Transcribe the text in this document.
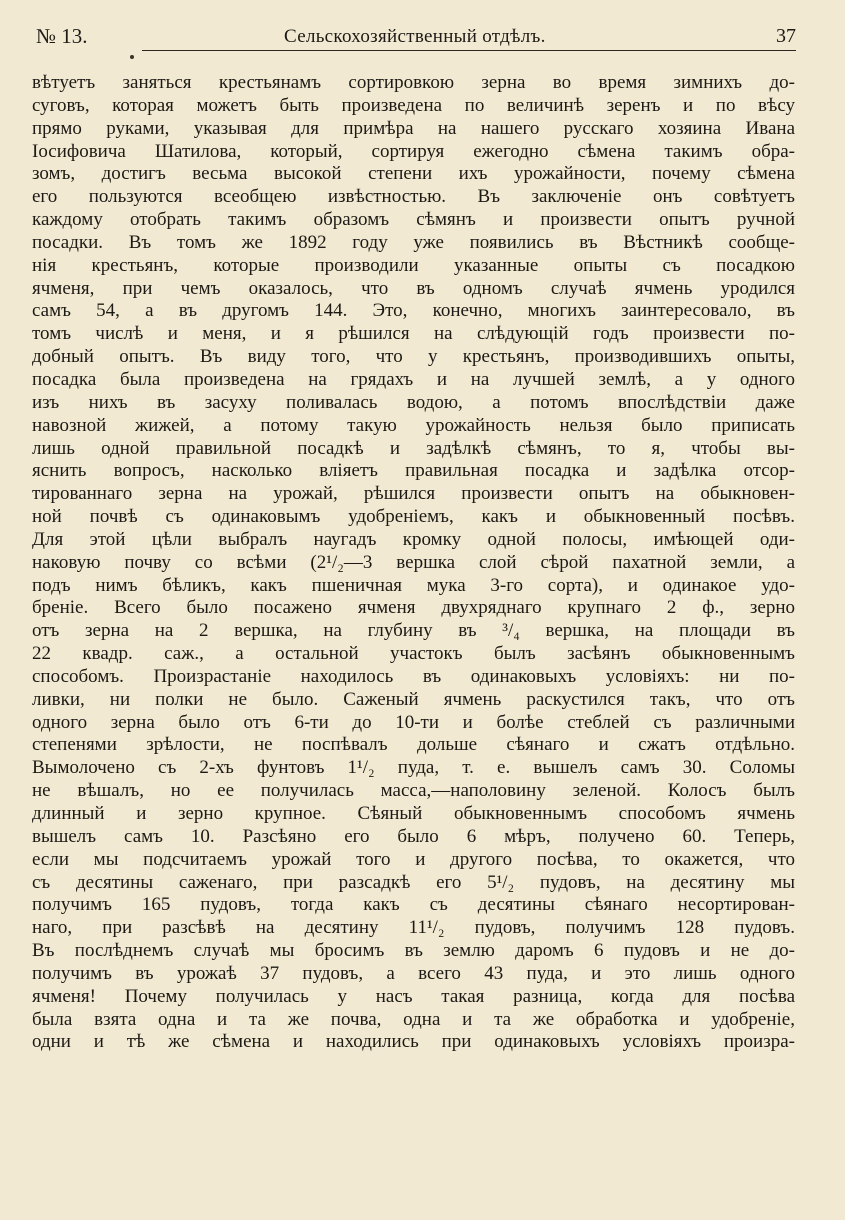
№ 13.	Сельскохозяйственный отдѣлъ.	37
вѣтуетъ заняться крестьянамъ сортировкою зерна во время зимнихъ до-
суговъ, которая можетъ быть произведена по величинѣ зеренъ и по вѣсу
прямо руками, указывая для примѣра на нашего русскаго хозяина Ивана
Іосифовича Шатилова, который, сортируя ежегодно сѣмена такимъ обра-
зомъ, достигъ весьма высокой степени ихъ урожайности, почему сѣмена
его пользуются всеобщею извѣстностью. Въ заключеніе онъ совѣтуетъ
каждому отобрать такимъ образомъ сѣмянъ и произвести опытъ ручной
посадки. Въ томъ же 1892 году уже появились въ Вѣстникѣ сообще-
нія крестьянъ, которые производили указанные опыты съ посадкою
ячменя, при чемъ оказалось, что въ одномъ случаѣ ячмень уродился
самъ 54, а въ другомъ 144. Это, конечно, многихъ заинтересовало, въ
томъ числѣ и меня, и я рѣшился на слѣдующій годъ произвести по-
добный опытъ. Въ виду того, что у крестьянъ, производившихъ опыты,
посадка была произведена на грядахъ и на лучшей землѣ, а у одного
изъ нихъ въ засуху поливалась водою, а потомъ впослѣдствіи даже
навозной жижей, а потому такую урожайность нельзя было приписать
лишь одной правильной посадкѣ и задѣлкѣ сѣмянъ, то я, чтобы вы-
яснить вопросъ, насколько вліяетъ правильная посадка и задѣлка отсор-
тированнаго зерна на урожай, рѣшился произвести опытъ на обыкновен-
ной почвѣ съ одинаковымъ удобреніемъ, какъ и обыкновенный посѣвъ.
Для этой цѣли выбралъ наугадъ кромку одной полосы, имѣющей оди-
наковую почву со всѣми (2¹/₂—3 вершка слой сѣрой пахатной земли, а
подъ нимъ бѣликъ, какъ пшеничная мука 3-го сорта), и одинакое удо-
бреніе. Всего было посажено ячменя двухряднаго крупнаго 2 ф., зерно
отъ зерна на 2 вершка, на глубину въ ³/₄ вершка, на площади въ
22 квадр. саж., а остальной участокъ былъ засѣянъ обыкновеннымъ
способомъ. Произрастаніе находилось въ одинаковыхъ условіяхъ: ни по-
ливки, ни полки не было. Саженый ячмень раскустился такъ, что отъ
одного зерна было отъ 6-ти до 10-ти и болѣе стеблей съ различными
степенями зрѣлости, не поспѣвалъ дольше сѣянаго и сжатъ отдѣльно.
Вымолочено съ 2-хъ фунтовъ 1¹/₂ пуда, т. е. вышелъ самъ 30. Соломы
не вѣшалъ, но ее получилась масса,—наполовину зеленой. Колосъ былъ
длинный и зерно крупное. Сѣяный обыкновеннымъ способомъ ячмень
вышелъ самъ 10. Разсѣяно его было 6 мѣръ, получено 60. Теперь,
если мы подсчитаемъ урожай того и другого посѣва, то окажется, что
съ десятины саженаго, при разсадкѣ его 5¹/₂ пудовъ, на десятину мы
получимъ 165 пудовъ, тогда какъ съ десятины сѣянаго несортирован-
наго, при разсѣвѣ на десятину 11¹/₂ пудовъ, получимъ 128 пудовъ.
Въ послѣднемъ случаѣ мы бросимъ въ землю даромъ 6 пудовъ и не до-
получимъ въ урожаѣ 37 пудовъ, а всего 43 пуда, и это лишь одного
ячменя! Почему получилась у насъ такая разница, когда для посѣва
была взята одна и та же почва, одна и та же обработка и удобреніе,
одни и тѣ же сѣмена и находились при одинаковыхъ условіяхъ произра-
